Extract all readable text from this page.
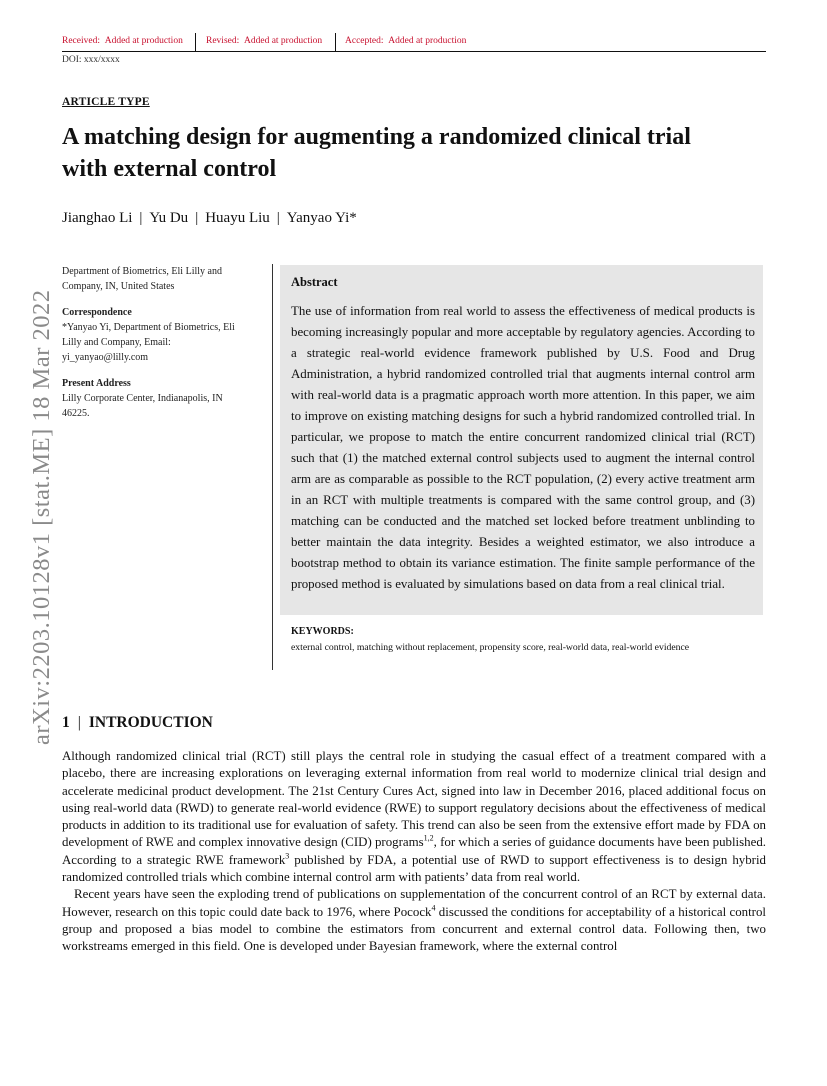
Received: Added at production Revised: Added at production Accepted: Added at production
DOI: xxx/xxxx
ARTICLE TYPE
A matching design for augmenting a randomized clinical trial
with external control
Jianghao Li | Yu Du | Huayu Liu | Yanyao Yi*
arXiv:2203.10128v1 [stat.ME] 18 Mar 2022

Department of Biometrics, Eli Lilly and

Company, IN, United States

Correspondence

*Yanyao Yi, Department of Biometrics, Eli

Lilly and Company, Email:

yi_yanyao@lilly.com

Present Address

Lilly Corporate Center, Indianapolis, IN

46225.

Abstract
The use of information from real world to assess the effectiveness of medical products is becoming increasingly popular and more acceptable by regulatory agencies. According to a strategic real-world evidence framework published by U.S. Food and Drug Administration, a hybrid randomized controlled trial that augments internal control arm with real-world data is a pragmatic approach worth more attention. In this paper, we aim to improve on existing matching designs for such a hybrid randomized controlled trial. In particular, we propose to match the entire concurrent randomized clinical trial (RCT) such that (1) the matched external control subjects used to augment the internal control arm are as comparable as possible to the RCT population, (2) every active treatment arm in an RCT with multiple treatments is compared with the same control group, and (3) matching can be conducted and the matched set locked before treatment unblinding to better maintain the data integrity. Besides a weighted estimator, we also introduce a bootstrap method to obtain its variance estimation. The finite sample performance of the proposed method is evaluated by simulations based on data from a real clinical trial.
KEYWORDS:
external control, matching without replacement, propensity score, real-world data, real-world evidence
1 | INTRODUCTION

Although randomized clinical trial (RCT) still plays the central role in studying the casual effect of a treatment compared with a placebo, there are increasing explorations on leveraging external information from real world to modernize clinical trial design and accelerate medicinal product development. The 21st Century Cures Act, signed into law in December 2016, placed additional focus on using real-world data (RWD) to generate real-world evidence (RWE) to support regulatory decisions about the effectiveness of medical products in addition to its traditional use for evaluation of safety. This trend can also be seen from the extensive effort made by FDA on development of RWE and complex innovative design (CID) programs$^{1,2}$, for which a series of guidance documents have been published. According to a strategic RWE framework$^3$ published by FDA, a potential use of RWD to support effectiveness is to design hybrid randomized controlled trials which combine internal control arm with patients’ data from real world.

Recent years have seen the exploding trend of publications on supplementation of the concurrent control of an RCT by external data. However, research on this topic could date back to 1976, where Pocock$^4$ discussed the conditions for acceptability of a historical control group and proposed a bias model to combine the estimators from concurrent and external control data. Following then, two workstreams emerged in this field. One is developed under Bayesian framework, where the external control
